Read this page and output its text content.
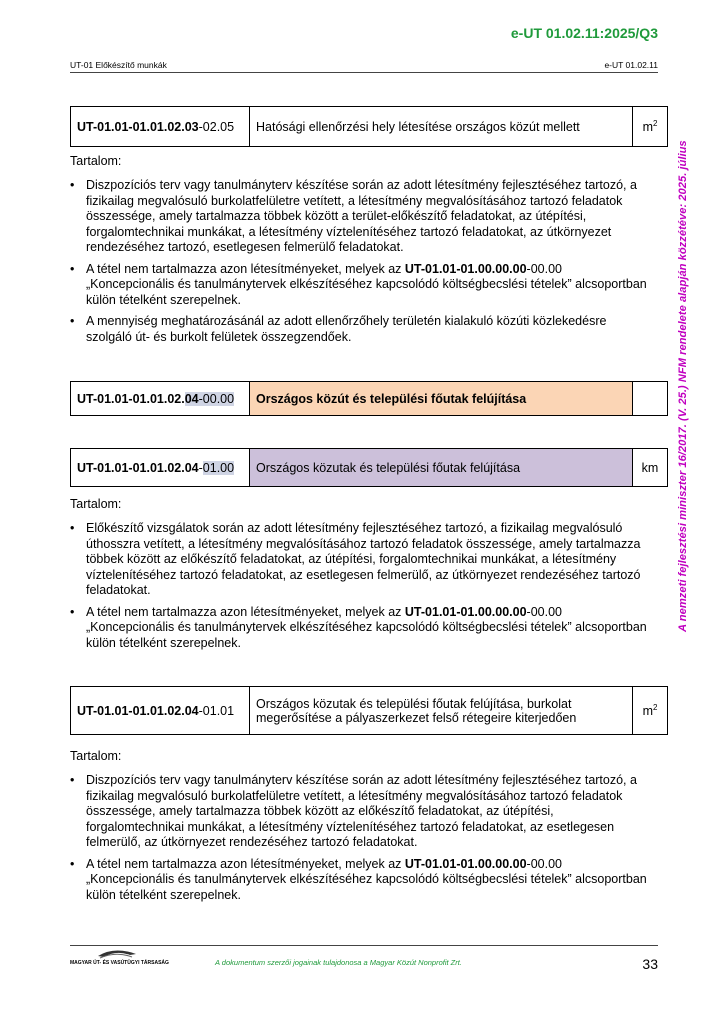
e-UT 01.02.11:2025/Q3
UT-01 Előkészítő munkák	e-UT 01.02.11
A nemzeti fejlesztési miniszter 16/2017. (V. 25.) NFM rendelete alapján közzétéve: 2025. július
UT-01.01-01.01.02.03-02.05	Hatósági ellenőrzési hely létesítése országos közút mellett	$m^2$
Tartalom:
• Diszpozíciós terv vagy tanulmányterv készítése során az adott létesítmény fejlesztéséhez tartozó, a fizikailag megvalósuló burkolatfelületre vetített, a létesítmény megvalósításához tartozó feladatok összessége, amely tartalmazza többek között a terület-előkészítő feladatokat, az útépítési, forgalomtechnikai munkákat, a létesítmény víztelenítéséhez tartozó feladatokat, az útkörnyezet rendezéséhez tartozó, esetlegesen felmerülő feladatokat.
• A tétel nem tartalmazza azon létesítményeket, melyek az UT-01.01-01.00.00.00-00.00 „Koncepcionális és tanulmánytervek elkészítéséhez kapcsolódó költségbecslési tételek” alcsoportban külön tételként szerepelnek.
• A mennyiség meghatározásánál az adott ellenőrzőhely területén kialakuló közúti közlekedésre szolgáló út- és burkolt felületek összegzendőek.
UT-01.01-01.01.02.04-00.00	Országos közút és települési főutak felújítása	
UT-01.01-01.01.02.04-01.00	Országos közutak és települési főutak felújítása	km
Tartalom:
• Előkészítő vizsgálatok során az adott létesítmény fejlesztéséhez tartozó, a fizikailag megvalósuló úthosszra vetített, a létesítmény megvalósításához tartozó feladatok összessége, amely tartalmazza többek között az előkészítő feladatokat, az útépítési, forgalomtechnikai munkákat, a létesítmény víztelenítéséhez tartozó feladatokat, az esetlegesen felmerülő, az útkörnyezet rendezéséhez tartozó feladatokat.
• A tétel nem tartalmazza azon létesítményeket, melyek az UT-01.01-01.00.00.00-00.00 „Koncepcionális és tanulmánytervek elkészítéséhez kapcsolódó költségbecslési tételek” alcsoportban külön tételként szerepelnek.
UT-01.01-01.01.02.04-01.01	Országos közutak és települési főutak felújítása, burkolat megerősítése a pályaszerkezet felső rétegeire kiterjedően	$m^2$
Tartalom:
• Diszpozíciós terv vagy tanulmányterv készítése során az adott létesítmény fejlesztéséhez tartozó, a fizikailag megvalósuló burkolatfelületre vetített, a létesítmény megvalósításához tartozó feladatok összessége, amely tartalmazza többek között az előkészítő feladatokat, az útépítési, forgalomtechnikai munkákat, a létesítmény víztelenítéséhez tartozó feladatokat, az esetlegesen felmerülő, az útkörnyezet rendezéséhez tartozó feladatokat.
• A tétel nem tartalmazza azon létesítményeket, melyek az UT-01.01-01.00.00.00-00.00 „Koncepcionális és tanulmánytervek elkészítéséhez kapcsolódó költségbecslési tételek” alcsoportban külön tételként szerepelnek.
MAGYAR ÚT- ÉS VASÚTÜGYI TÁRSASÁG	A dokumentum szerzői jogainak tulajdonosa a Magyar Közút Nonprofit Zrt.	33
